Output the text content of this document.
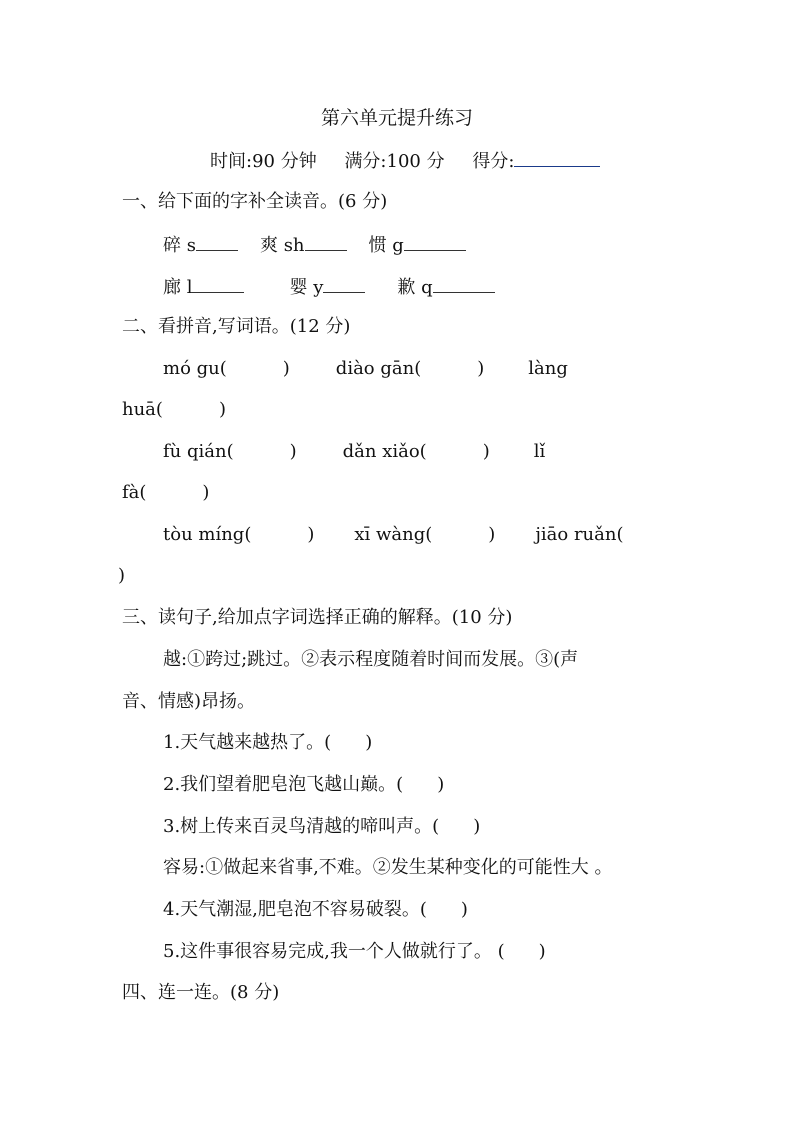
第六单元提升练习
时间:90 分钟 满分:100 分 得分:
一、给下面的字补全读音。(6 分)
碎 s	爽 sh	惯 g
廊 l	婴 y	歉 q
二、看拼音,写词语。(12 分)
mó gu(	)	diào gān(	) làng
huā(	)
fù qián(	)	dǎn xiǎo(	) lǐ
fà(	)
tòu míng(	) xī wàng(	) jiāo ruǎn(
)
三、读句子,给加点字词选择正确的解释。(10 分)
越:①跨过;跳过。②表示程度随着时间而发展。③(声
音、情感)昂扬。
1.天气越来越热了。( )
2.我们望着肥皂泡飞越山巅。( )
3.树上传来百灵鸟清越的啼叫声。( )
容易:①做起来省事,不难。②发生某种变化的可能性大 。
4.天气潮湿,肥皂泡不容易破裂。( )
5.这件事很容易完成,我一个人做就行了。 ( )
四、连一连。(8 分)
